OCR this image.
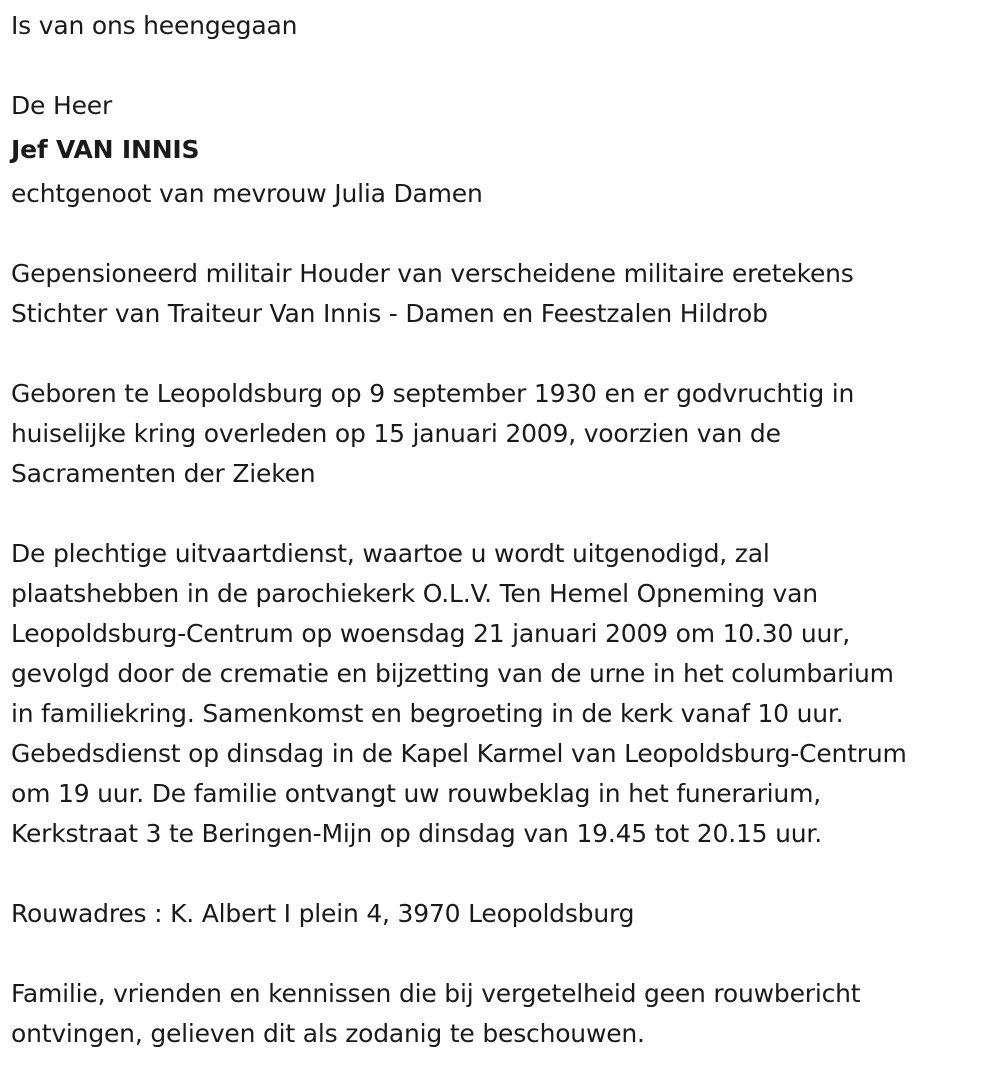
Is van ons heengegaan
De Heer
Jef VAN INNIS
echtgenoot van mevrouw Julia Damen
Gepensioneerd militair Houder van verscheidene militaire eretekens
Stichter van Traiteur Van Innis - Damen en Feestzalen Hildrob
Geboren te Leopoldsburg op 9 september 1930 en er godvruchtig in
huiselijke kring overleden op 15 januari 2009, voorzien van de
Sacramenten der Zieken
De plechtige uitvaartdienst, waartoe u wordt uitgenodigd, zal
plaatshebben in de parochiekerk O.L.V. Ten Hemel Opneming van
Leopoldsburg-Centrum op woensdag 21 januari 2009 om 10.30 uur,
gevolgd door de crematie en bijzetting van de urne in het columbarium
in familiekring. Samenkomst en begroeting in de kerk vanaf 10 uur.
Gebedsdienst op dinsdag in de Kapel Karmel van Leopoldsburg-Centrum
om 19 uur. De familie ontvangt uw rouwbeklag in het funerarium,
Kerkstraat 3 te Beringen-Mijn op dinsdag van 19.45 tot 20.15 uur.
Rouwadres : K. Albert I plein 4, 3970 Leopoldsburg
Familie, vrienden en kennissen die bij vergetelheid geen rouwbericht
ontvingen, gelieven dit als zodanig te beschouwen.
